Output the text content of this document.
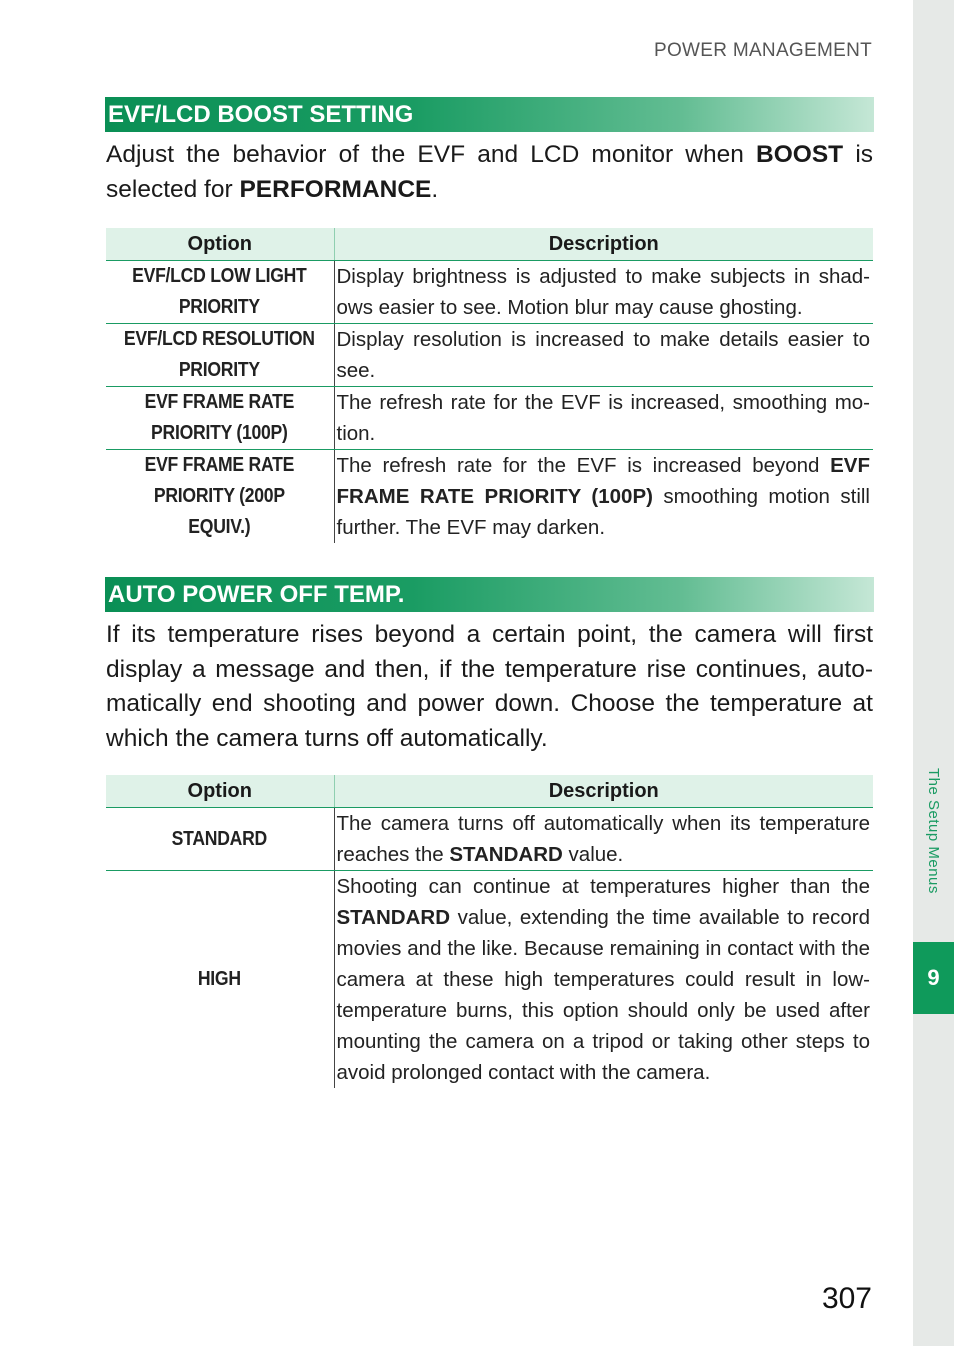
The Setup Menus
9
POWER MANAGEMENT
EVF/LCD BOOST SETTING

Adjust the behavior of the EVF and LCD monitor when BOOST is selected for PERFORMANCE.

Option	Description
EVF/LCD LOW LIGHT
PRIORITY	Display brightness is adjusted to make subjects in shad-ows easier to see. Motion blur may cause ghosting.
EVF/LCD RESOLUTION
PRIORITY	Display resolution is increased to make details easier to see.
EVF FRAME RATE
PRIORITY (100P)	The refresh rate for the EVF is increased, smoothing mo-tion.
EVF FRAME RATE
PRIORITY (200P EQUIV.)	The refresh rate for the EVF is increased beyond EVF FRAME RATE PRIORITY (100P) smoothing motion still further. The EVF may darken.
AUTO POWER OFF TEMP.

If its temperature rises beyond a certain point, the camera will first display a message and then, if the temperature rise continues, auto-matically end shooting and power down. Choose the temperature at which the camera turns off automatically.

Option	Description
STANDARD	The camera turns off automatically when its temperature reaches the STANDARD value.
HIGH	Shooting can continue at temperatures higher than the STANDARD value, extending the time available to record movies and the like. Because remaining in contact with the camera at these high temperatures could result in low-temperature burns, this option should only be used after mounting the camera on a tripod or taking other steps to avoid prolonged contact with the camera.
307
